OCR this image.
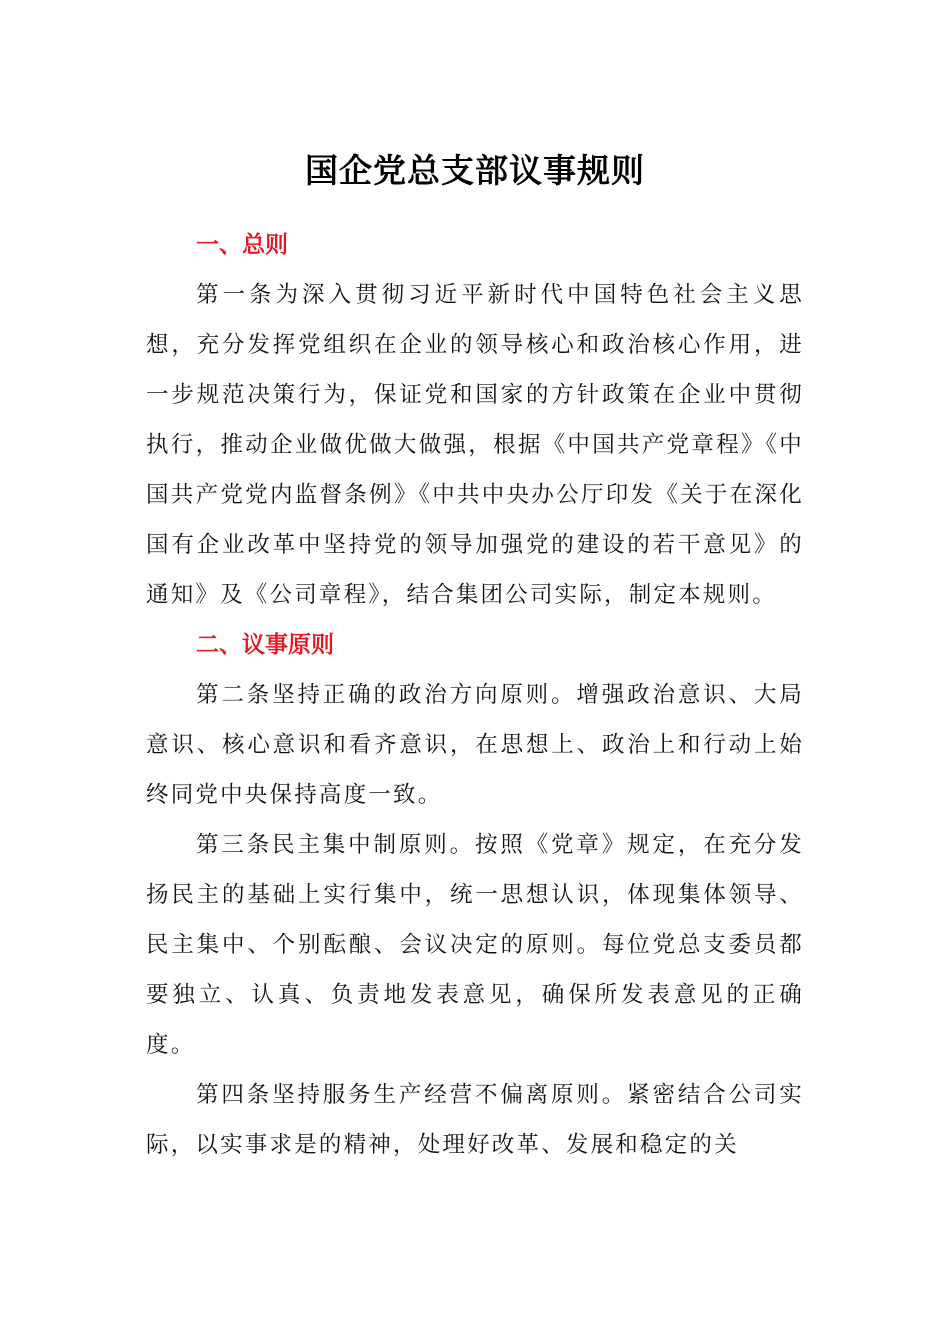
国企党总支部议事规则
一、总则

第一条为深入贯彻习近平新时代中国特色社会主义思想，充分发挥党组织在企业的领导核心和政治核心作用，进一步规范决策行为，保证党和国家的方针政策在企业中贯彻执行，推动企业做优做大做强，根据《中国共产党章程》《中国共产党党内监督条例》《中共中央办公厅印发《关于在深化国有企业改革中坚持党的领导加强党的建设的若干意见》的通知》及《公司章程》，结合集团公司实际，制定本规则。

二、议事原则

第二条坚持正确的政治方向原则。增强政治意识、大局意识、核心意识和看齐意识，在思想上、政治上和行动上始终同党中央保持高度一致。

第三条民主集中制原则。按照《党章》规定，在充分发扬民主的基础上实行集中，统一思想认识，体现集体领导、民主集中、个别酝酿、会议决定的原则。每位党总支委员都要独立、认真、负责地发表意见，确保所发表意见的正确度。

第四条坚持服务生产经营不偏离原则。紧密结合公司实际，以实事求是的精神，处理好改革、发展和稳定的关
